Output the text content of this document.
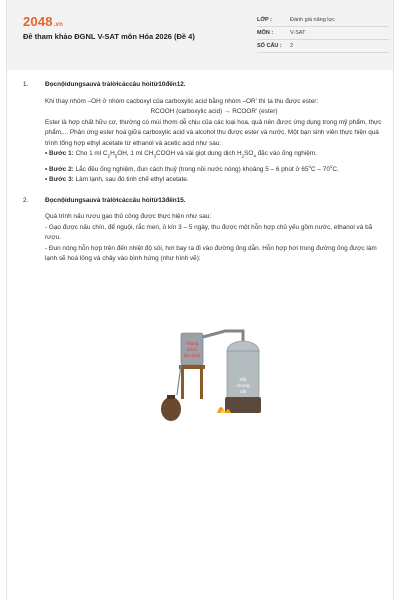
2048.vn
Đề tham khảo ĐGNL V-SAT môn Hóa 2026 (Đề 4)
LỚP :	Đánh giá năng lực
MÔN :	V-SAT
SỐ CÂU :	2
1.	Đọcnộidungsauvà trảlờicáccâu hỏitừ10đến12.
Khi thay nhóm –OH ở nhóm cacboxyl của carboxylic acid bằng nhóm –OR' thì ta thu được ester:
RCOOH (carboxylic acid) → RCOOR' (ester)
Ester là hợp chất hữu cơ, thường có mùi thơm dễ chịu của các loại hoa, quả nên được ứng dụng trong mỹ phẩm, thực phẩm,... Phản ứng ester hoá giữa carboxylic acid và alcohol thu được ester và nước. Một bạn sinh viên thực hiện quá trình tổng hợp ethyl acetate từ ethanol và acetic acid như sau:
• Bước 1: Cho 1 ml $C_2H_5OH$, 1 ml $CH_3COOH$ và vài giọt dung dịch $H_2SO_4$ đặc vào ống nghiệm.
• Bước 2: Lắc đều ống nghiệm, đun cách thuỷ (trong nồi nước nóng) khoảng 5 – 6 phút ở 65$^o$C – 70$^o$C.
• Bước 3: Làm lạnh, sau đó tinh chế ethyl acetate.
2.	Đọcnộidungsauvà trảlờicáccâu hỏitừ13đến15.
Quá trình nấu rượu gạo thủ công được thực hiện như sau:
- Gạo được nấu chín, để nguội, rắc men, ủ kín 3 – 5 ngày, thu được một hỗn hợp chủ yếu gồm nước, ethanol và bã rượu.
- Đun nóng hỗn hợp trên đến nhiệt độ sôi, hơi bay ra đi vào đường ống dẫn. Hỗn hợp hơi trong đường ống được làm lạnh sẽ hoá lỏng và chảy vào bình hứng (như hình vẽ):
Thùng
nước
làm lạnh
Nồi
chưng
cất
